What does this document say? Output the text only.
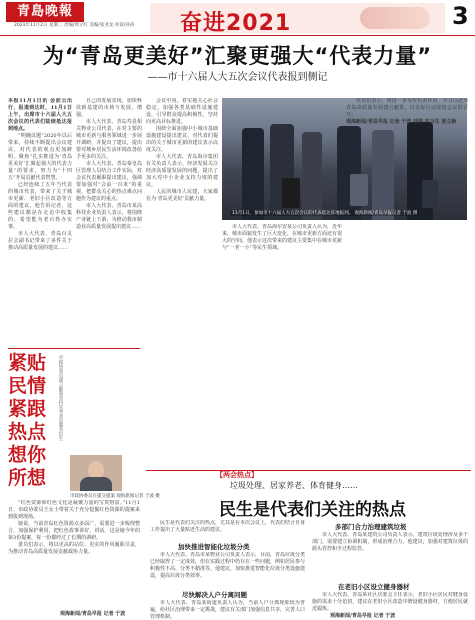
青島晚報
2021年11月2日 星期二 责编/周立红 美编/张亚龙 审读/孙涛 奋进2021	3
为“青岛更美好”汇聚更强大“代表力量”
——市十六届人大五次会议代表报到侧记

本报11月1日讯 会前云出行、报道到达时，11月1日上午，出席市十六届人大五次会议的代表们陆续抵达报到地点。

“明确议题”2020年以后带来，持续不断提出会议建议，对代表的观点更加鲜明，聚焦“扎实推进为‘青岛更美好’汇聚起强大的代表力量”的要求，努力为“十四五”开局贡献代表智慧。

已经连续了五年当代表的城市代表，带来了关于城市更新、老旧小区改造等方面的建议。他告诉记者，这些建议都是在走访中收集的，希望能为老百姓办实事。

市人大代表、青岛百灵拉会副书记带来了多件关于推动高质量发展的建议……

自己的发展实现，加快释放新基建的市场与发展，增强。

市人大代表、青岛寿县相关物业公司代表，在对主要的城市更新与服务领域进一步展开调研，并提出了建议，提出要对城乡居民生活环境改善给予更多的关注。

市人大代表、青岛秦皇岛区管理人员结合工作实际，对会议代表履职提出建议，强调要加强对“会前一百米”的重视，把群众关心的热点难点问题作为建议的重点。

市人大代表、青岛市某高科技企业负责人表示，将围绕产业链上下游，为推动我市制造业高质量发展提出建议……

会议中用，着实地关心社会稳定。加强各类基础性设施建设，引导群众提高积极性，坚持向更高目标推进。

围绕全面加强中小城市基础设施建设提出建议，对代表们提出的关于城市更新的建议表示高度关注。

市人大代表、青岛海尔集团有关负责人表示，经济发展关注经济高质量发展的问题，提出了加大对中小企业支持力度的建议。

人民的城市人民建，大家都在为‘青岛更美好’贡献力量。

11月1日，参加市十六届人大五次会议的代表抵达驻地报到。 观海新闻/青岛早报记者 于波 摄

市人大代表、青岛海尔安某公司负责人认为，近年来，城市面貌发生了巨大变化，在城市更新方面还有很大的空间，他表示这次带来的建议主要集中在城市更新与“一老一小”等民生领域。

代表们表示，将进一步发挥代表作用，全力以赴为青岛高质量发展建言献策，以实际行动迎接会议的召开。

观海新闻/青岛早报 记者 于波 刘伟 实习生 张立新

紧贴民情
紧跟热点
想你所想
市政协委员建言献策坚持实事求是服务民生
市政协委员在提交提案 观海新闻记者 于波 摄

“红色资源和红色文化是凝聚力量的宝贵财富。”11月1日，市政协委员王女士带着关于充分挖掘红色资源的提案来到报到现场。

她说，当前青岛红色资源点多面广，需要进一步梳理整合，加强保护利用，把红色故事讲好、讲活。这是她今年的第3份提案，每一份都经过了长期的调研。

委员们表示，将以更高的站位、更实的作风履职尽责，为推动青岛高质量发展贡献政协力量。

观海新闻/青岛早报 记者 于波
【两会热点】
垃圾处理、居家养老、体育健身……
民生是代表们关注的热点

民生是代表们关注的热点，尤其是在本次会议上，代表们结合自身工作提出了大量贴近生活的建议。

加快推进智能化垃圾分类

市人大代表、青岛市某物业公司负责人表示，目前，青岛垃圾分类已经取得了一定成效，但在实践过程中仍存在一些问题，例如居民参与积极性不高、分类不精准等。他建议，加快推进智能化垃圾分类设施建设，提高垃圾分类效率。

尽快解决人户分离问题

市人大代表、青岛某街道负责人认为，当前人户分离现象较为普遍，给社区治理带来一定挑战，建议有关部门加强信息共享，完善人口管理机制。

多部门合力治理建筑垃圾

市人大代表、青岛某建筑公司负责人表示，建筑垃圾处理涉及多个部门，需要建立协调机制，形成治理合力。他建议，加强对建筑垃圾的源头管控和全过程监管。

在老旧小区设立健身器材

市人大代表、青岛某社区居委会主任表示，老旧小区居民对健身设施的需求十分迫切，建议在老旧小区改造中增设健身器材，方便居民就近锻炼。

观海新闻/青岛早报 记者 于波
